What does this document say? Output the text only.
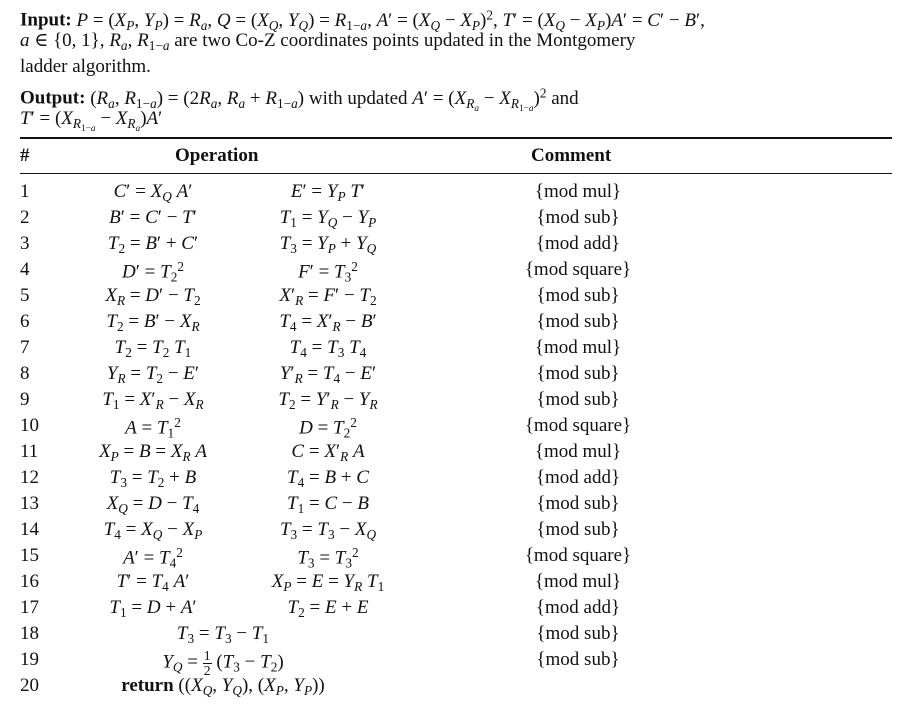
Input: $P = (X_P$, $Y_P) = R_a$, $Q = (X_Q$, $Y_Q) = R_{1-a}$, $A' = (X_Q - X_P)^2$, $T' = (X_Q - X_P)A' = C' - B'$,
a ∈ {0, 1}, $R_a$, $R_{1-a}$ are two Co-Z coordinates points updated in the Montgomery
ladder algorithm.
Output: ($R_a$, $R_{1-a}) = (2R_a$, $R_a + R_{1-a}$) with updated $A' = (X_{R_a} - X_{R_{1-a}})^2$ and
$T' = (X_{R_{1-a}} - X_{R_a})A'$
#	Operation	Comment
1	$C' = X_Q$ A′	$E' = Y_P$ T′	{mod mul}
2	B′ = C′ − T′	$T_1 = Y_Q - Y_P$	{mod sub}
3	$T_2 = B' + C'$	$T_3 = Y_P + Y_Q$	{mod add}
4	$D' = T_2^2$	$F' = T_3^2$	{mod square}
5	$X_R = D' - T_2$	$X'_R = F' - T_2$	{mod sub}
6	$T_2 = B' - X_R$	$T_4 = X'_R - B'$	{mod sub}
7	$T_2 = T_2$ $T_1$	$T_4 = T_3$ $T_4$	{mod mul}
8	$Y_R = T_2 - E'$	$Y'_R = T_4 - E'$	{mod sub}
9	$T_1 = X'_R - X_R$	$T_2 = Y'_R - Y_R$	{mod sub}
10	$A = T_1^2$	$D = T_2^2$	{mod square}
11	$X_P = B = X_R$ A	$C = X'_R$ A	{mod mul}
12	$T_3 = T_2 + B$	$T_4 = B + C$	{mod add}
13	$X_Q = D - T_4$	$T_1 = C - B$	{mod sub}
14	$T_4 = X_Q - X_P$	$T_3 = T_3 - X_Q$	{mod sub}
15	$A' = T_4^2$	$T_3 = T_3^2$	{mod square}
16	$T' = T_4$ A′	$X_P = E = Y_R$ $T_1$	{mod mul}
17	$T_1 = D + A'$	$T_2 = E + E$	{mod add}
18	$T_3 = T_3 - T_1$	{mod sub}
19	$Y_Q = \frac{1}{2} (T_3 - T_2)$	{mod sub}
20	return (($X_Q$, $Y_Q$), ($X_P$, $Y_P$))
